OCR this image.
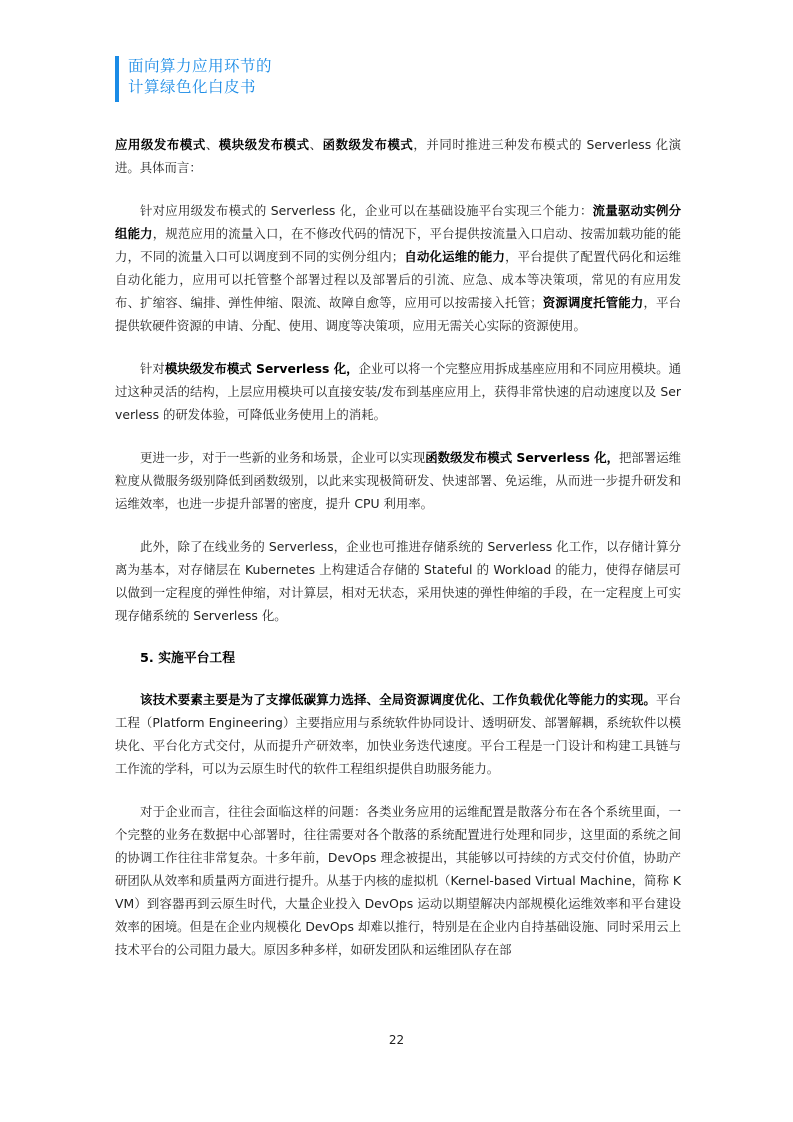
面向算力应用环节的
计算绿色化白皮书

应用级发布模式、模块级发布模式、函数级发布模式，并同时推进三种发布模式的 Serverless 化演进。具体而言：

针对应用级发布模式的 Serverless 化，企业可以在基础设施平台实现三个能力：流量驱动实例分组能力，规范应用的流量入口，在不修改代码的情况下，平台提供按流量入口启动、按需加载功能的能力，不同的流量入口可以调度到不同的实例分组内；自动化运维的能力，平台提供了配置代码化和运维自动化能力，应用可以托管整个部署过程以及部署后的引流、应急、成本等决策项，常见的有应用发布、扩缩容、编排、弹性伸缩、限流、故障自愈等，应用可以按需接入托管；资源调度托管能力，平台提供软硬件资源的申请、分配、使用、调度等决策项，应用无需关心实际的资源使用。

针对模块级发布模式 Serverless 化，企业可以将一个完整应用拆成基座应用和不同应用模块。通过这种灵活的结构，上层应用模块可以直接安装/发布到基座应用上，获得非常快速的启动速度以及 Serverless 的研发体验，可降低业务使用上的消耗。

更进一步，对于一些新的业务和场景，企业可以实现函数级发布模式 Serverless 化，把部署运维粒度从微服务级别降低到函数级别，以此来实现极简研发、快速部署、免运维，从而进一步提升研发和运维效率，也进一步提升部署的密度，提升 CPU 利用率。

此外，除了在线业务的 Serverless，企业也可推进存储系统的 Serverless 化工作，以存储计算分离为基本，对存储层在 Kubernetes 上构建适合存储的 Stateful 的 Workload 的能力，使得存储层可以做到一定程度的弹性伸缩，对计算层，相对无状态，采用快速的弹性伸缩的手段，在一定程度上可实现存储系统的 Serverless 化。

5. 实施平台工程

该技术要素主要是为了支撑低碳算力选择、全局资源调度优化、工作负载优化等能力的实现。平台工程（Platform Engineering）主要指应用与系统软件协同设计、透明研发、部署解耦，系统软件以模块化、平台化方式交付，从而提升产研效率，加快业务迭代速度。平台工程是一门设计和构建工具链与工作流的学科，可以为云原生时代的软件工程组织提供自助服务能力。

对于企业而言，往往会面临这样的问题：各类业务应用的运维配置是散落分布在各个系统里面，一个完整的业务在数据中心部署时，往往需要对各个散落的系统配置进行处理和同步，这里面的系统之间的协调工作往往非常复杂。十多年前，DevOps 理念被提出，其能够以可持续的方式交付价值，协助产研团队从效率和质量两方面进行提升。从基于内核的虚拟机（Kernel-based Virtual Machine，简称 KVM）到容器再到云原生时代，大量企业投入 DevOps 运动以期望解决内部规模化运维效率和平台建设效率的困境。但是在企业内规模化 DevOps 却难以推行，特别是在企业内自持基础设施、同时采用云上技术平台的公司阻力最大。原因多种多样，如研发团队和运维团队存在部

22
